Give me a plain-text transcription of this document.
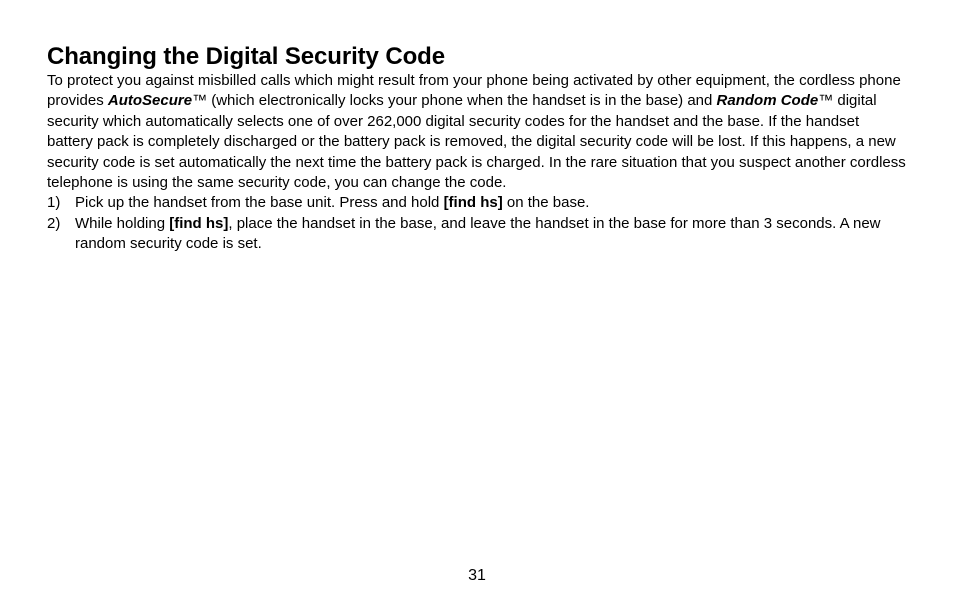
Changing the Digital Security Code

To protect you against misbilled calls which might result from your phone being activated by other equipment, the cordless phone provides AutoSecure™ (which electronically locks your phone when the handset is in the base) and Random Code™ digital security which automatically selects one of over 262,000 digital security codes for the handset and the base. If the handset battery pack is completely discharged or the battery pack is removed, the digital security code will be lost. If this happens, a new security code is set automatically the next time the battery pack is charged. In the rare situation that you suspect another cordless telephone is using the same security code, you can change the code.

1) Pick up the handset from the base unit. Press and hold [find hs] on the base.
2) While holding [find hs], place the handset in the base, and leave the handset in the base for more than 3 seconds. A new random security code is set.
31
